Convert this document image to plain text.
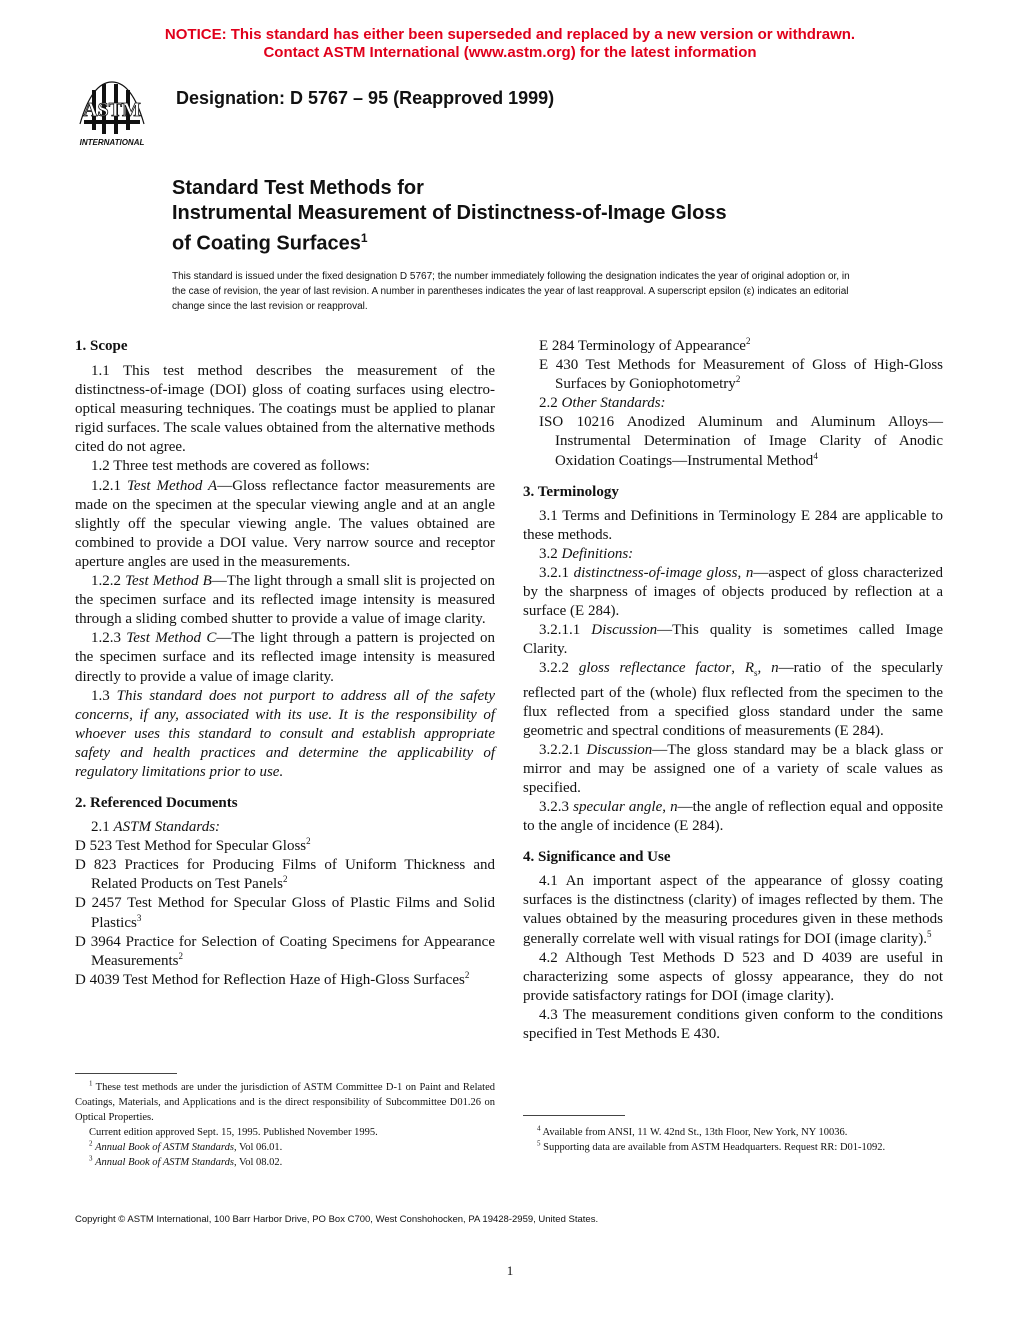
NOTICE: This standard has either been superseded and replaced by a new version or withdrawn.
Contact ASTM International (www.astm.org) for the latest information
ASTM
INTERNATIONAL
Designation: D 5767 – 95 (Reapproved 1999)
Standard Test Methods for
Instrumental Measurement of Distinctness-of-Image Gloss
of Coating Surfaces$^1$
This standard is issued under the fixed designation D 5767; the number immediately following the designation indicates the year of original adoption or, in the case of revision, the year of last revision. A number in parentheses indicates the year of last reapproval. A superscript epsilon (ε) indicates an editorial change since the last revision or reapproval.
1. Scope

1.1 This test method describes the measurement of the distinctness-of-image (DOI) gloss of coating surfaces using electro-optical measuring techniques. The coatings must be applied to planar rigid surfaces. The scale values obtained from the alternative methods cited do not agree.

1.2 Three test methods are covered as follows:

1.2.1 Test Method A—Gloss reflectance factor measurements are made on the specimen at the specular viewing angle and at an angle slightly off the specular viewing angle. The values obtained are combined to provide a DOI value. Very narrow source and receptor aperture angles are used in the measurements.

1.2.2 Test Method B—The light through a small slit is projected on the specimen surface and its reflected image intensity is measured through a sliding combed shutter to provide a value of image clarity.

1.2.3 Test Method C—The light through a pattern is projected on the specimen surface and its reflected image intensity is measured directly to provide a value of image clarity.

1.3 This standard does not purport to address all of the safety concerns, if any, associated with its use. It is the responsibility of whoever uses this standard to consult and establish appropriate safety and health practices and determine the applicability of regulatory limitations prior to use.

2. Referenced Documents

2.1 ASTM Standards:

D 523 Test Method for Specular Gloss$^2$
D 823 Practices for Producing Films of Uniform Thickness and Related Products on Test Panels$^2$
D 2457 Test Method for Specular Gloss of Plastic Films and Solid Plastics$^3$
D 3964 Practice for Selection of Coating Specimens for Appearance Measurements$^2$
D 4039 Test Method for Reflection Haze of High-Gloss Surfaces$^2$

$^1$ These test methods are under the jurisdiction of ASTM Committee D-1 on Paint and Related Coatings, Materials, and Applications and is the direct responsibility of Subcommittee D01.26 on Optical Properties.

Current edition approved Sept. 15, 1995. Published November 1995.

$^2$ Annual Book of ASTM Standards, Vol 06.01.

$^3$ Annual Book of ASTM Standards, Vol 08.02.

E 284 Terminology of Appearance$^2$
E 430 Test Methods for Measurement of Gloss of High-Gloss Surfaces by Goniophotometry$^2$

2.2 Other Standards:

ISO 10216 Anodized Aluminum and Aluminum Alloys—Instrumental Determination of Image Clarity of Anodic Oxidation Coatings—Instrumental Method$^4$
3. Terminology

3.1 Terms and Definitions in Terminology E 284 are applicable to these methods.

3.2 Definitions:

3.2.1 distinctness-of-image gloss, n—aspect of gloss characterized by the sharpness of images of objects produced by reflection at a surface (E 284).

3.2.1.1 Discussion—This quality is sometimes called Image Clarity.

3.2.2 gloss reflectance factor, $R_s$, n—ratio of the specularly reflected part of the (whole) flux reflected from the specimen to the flux reflected from a specified gloss standard under the same geometric and spectral conditions of measurements (E 284).

3.2.2.1 Discussion—The gloss standard may be a black glass or mirror and may be assigned one of a variety of scale values as specified.

3.2.3 specular angle, n—the angle of reflection equal and opposite to the angle of incidence (E 284).

4. Significance and Use

4.1 An important aspect of the appearance of glossy coating surfaces is the distinctness (clarity) of images reflected by them. The values obtained by the measuring procedures given in these methods generally correlate well with visual ratings for DOI (image clarity).$^5$

4.2 Although Test Methods D 523 and D 4039 are useful in characterizing some aspects of glossy appearance, they do not provide satisfactory ratings for DOI (image clarity).

4.3 The measurement conditions given conform to the conditions specified in Test Methods E 430.

$^4$ Available from ANSI, 11 W. 42nd St., 13th Floor, New York, NY 10036.

$^5$ Supporting data are available from ASTM Headquarters. Request RR: D01-1092.

Copyright © ASTM International, 100 Barr Harbor Drive, PO Box C700, West Conshohocken, PA 19428-2959, United States.
1
